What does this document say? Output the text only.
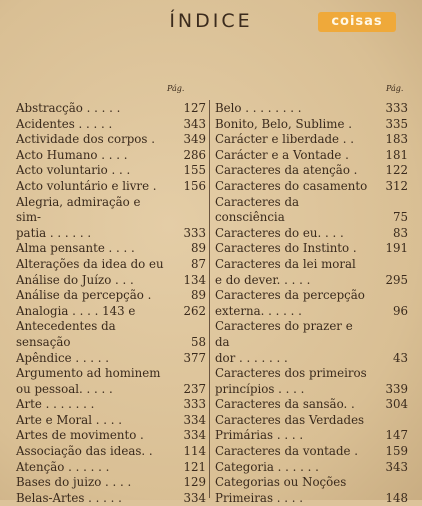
ÍNDICE	coisas
Pág.	Pág.
Abstracção . . . . .	127
Acidentes . . . . .	343
Actividade dos corpos .	349
Acto Humano . . . .	286
Acto voluntario . . .	155
Acto voluntário e livre .	156
Alegria, admiração e sim-
patia . . . . . .	333
Alma pensante . . . .	89
Alterações da idea do eu	87
Análise do Juízo . . .	134
Análise da percepção .	89
Analogia . . . . 143 e	262
Antecedentes da sensação	58
Apêndice . . . . .	377
Argumento ad hominem
ou pessoal. . . . .	237
Arte . . . . . . .	333
Arte e Moral . . . .	334
Artes de movimento .	334
Associação das ideas. .	114
Atenção . . . . . .	121
Bases do juizo . . . .	129
Belas-Artes . . . . .	334
Belo . . . . . . . .	333
Bonito, Belo, Sublime .	335
Carácter e liberdade . .	183
Carácter e a Vontade .	181
Caracteres da atenção .	122
Caracteres do casamento	312
Caracteres da consciência	75
Caracteres do eu. . . .	83
Caracteres do Instinto .	191
Caracteres da lei moral
e do dever. . . . .	295
Caracteres da percepção
externa. . . . . .	96
Caracteres do prazer e da
dor . . . . . . .	43
Caracteres dos primeiros
princípios . . . .	339
Caracteres da sansão. .	304
Caracteres das Verdades
Primárias . . . .	147
Caracteres da vontade .	159
Categoria . . . . . .	343
Categorias ou Noções
Primeiras . . . .	148
